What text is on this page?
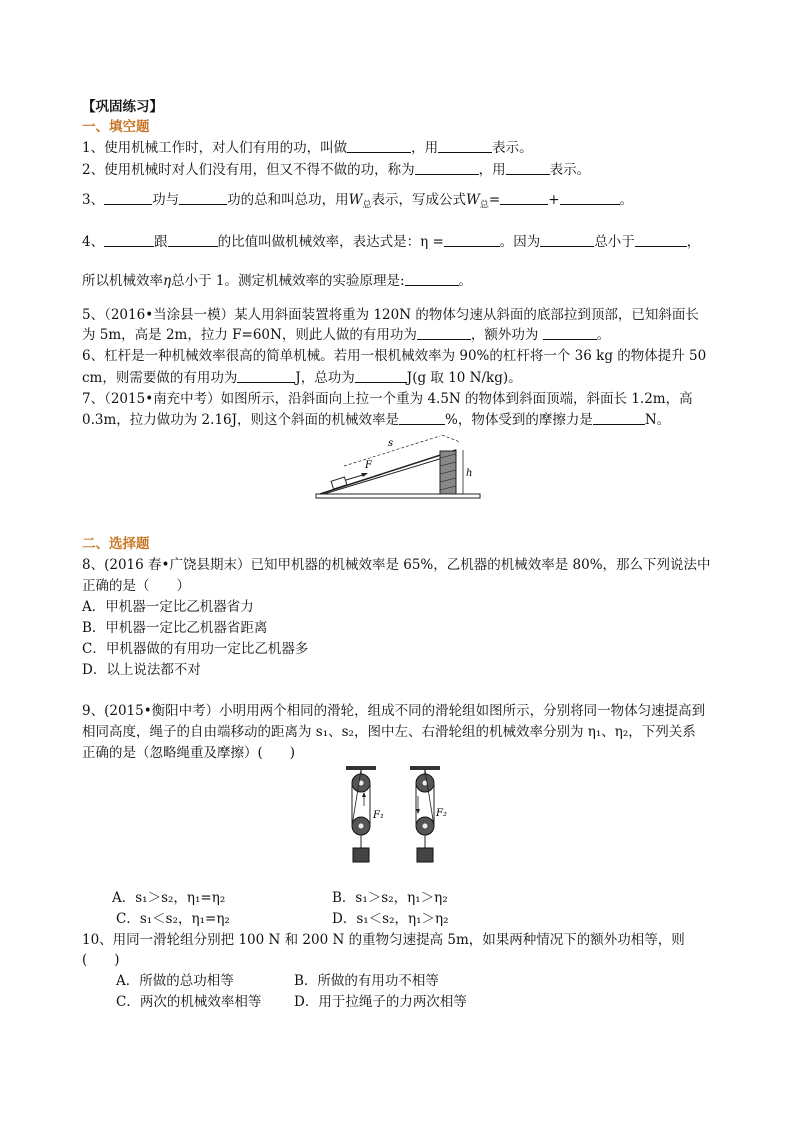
【巩固练习】
一、填空题
1、使用机械工作时，对人们有用的功，叫做	，用	表示。
2、使用机械时对人们没有用，但又不得不做的功，称为	，用	表示。
3、	功与	功的总和叫总功，用$W_总$表示，写成公式$W_总=$	+	。
4、	跟	的比值叫做机械效率，表达式是：η =	。因为	总小于	，
所以机械效率η总小于 1。测定机械效率的实验原理是:	。
5、（2016•当涂县一模）某人用斜面装置将重为 120N 的物体匀速从斜面的底部拉到顶部，已知斜面长
为 5m，高是 2m，拉力 F=60N，则此人做的有用功为	，额外功为	。
6、杠杆是一种机械效率很高的简单机械。若用一根机械效率为 90%的杠杆将一个 36 kg 的物体提升 50
cm，则需要做的有用功为	J，总功为	J(g 取 10 N/kg)。
7、（2015•南充中考）如图所示，沿斜面向上拉一个重为 4.5N 的物体到斜面顶端，斜面长 1.2m，高
0.3m，拉力做功为 2.16J，则这个斜面的机械效率是	%，物体受到的摩擦力是	N。
s
F
h
二、选择题
8、(2016 春•广饶县期末）已知甲机器的机械效率是 65%，乙机器的机械效率是 80%，那么下列说法中
正确的是（　　）
A．甲机器一定比乙机器省力
B．甲机器一定比乙机器省距离
C．甲机器做的有用功一定比乙机器多
D．以上说法都不对
9、(2015•衡阳中考）小明用两个相同的滑轮，组成不同的滑轮组如图所示，分别将同一物体匀速提高到
相同高度，绳子的自由端移动的距离为 s₁、s₂，图中左、右滑轮组的机械效率分别为 η₁、η₂，下列关系
正确的是（忽略绳重及摩擦）(　　)
F₁	F₂
A．s₁＞s₂，η₁=η₂	B．s₁＞s₂，η₁＞η₂
C．s₁＜s₂，η₁=η₂	D．s₁＜s₂，η₁＞η₂
10、用同一滑轮组分别把 100 N 和 200 N 的重物匀速提高 5m，如果两种情况下的额外功相等，则
(　　)
A．所做的总功相等	B．所做的有用功不相等
C．两次的机械效率相等 D．用于拉绳子的力两次相等
